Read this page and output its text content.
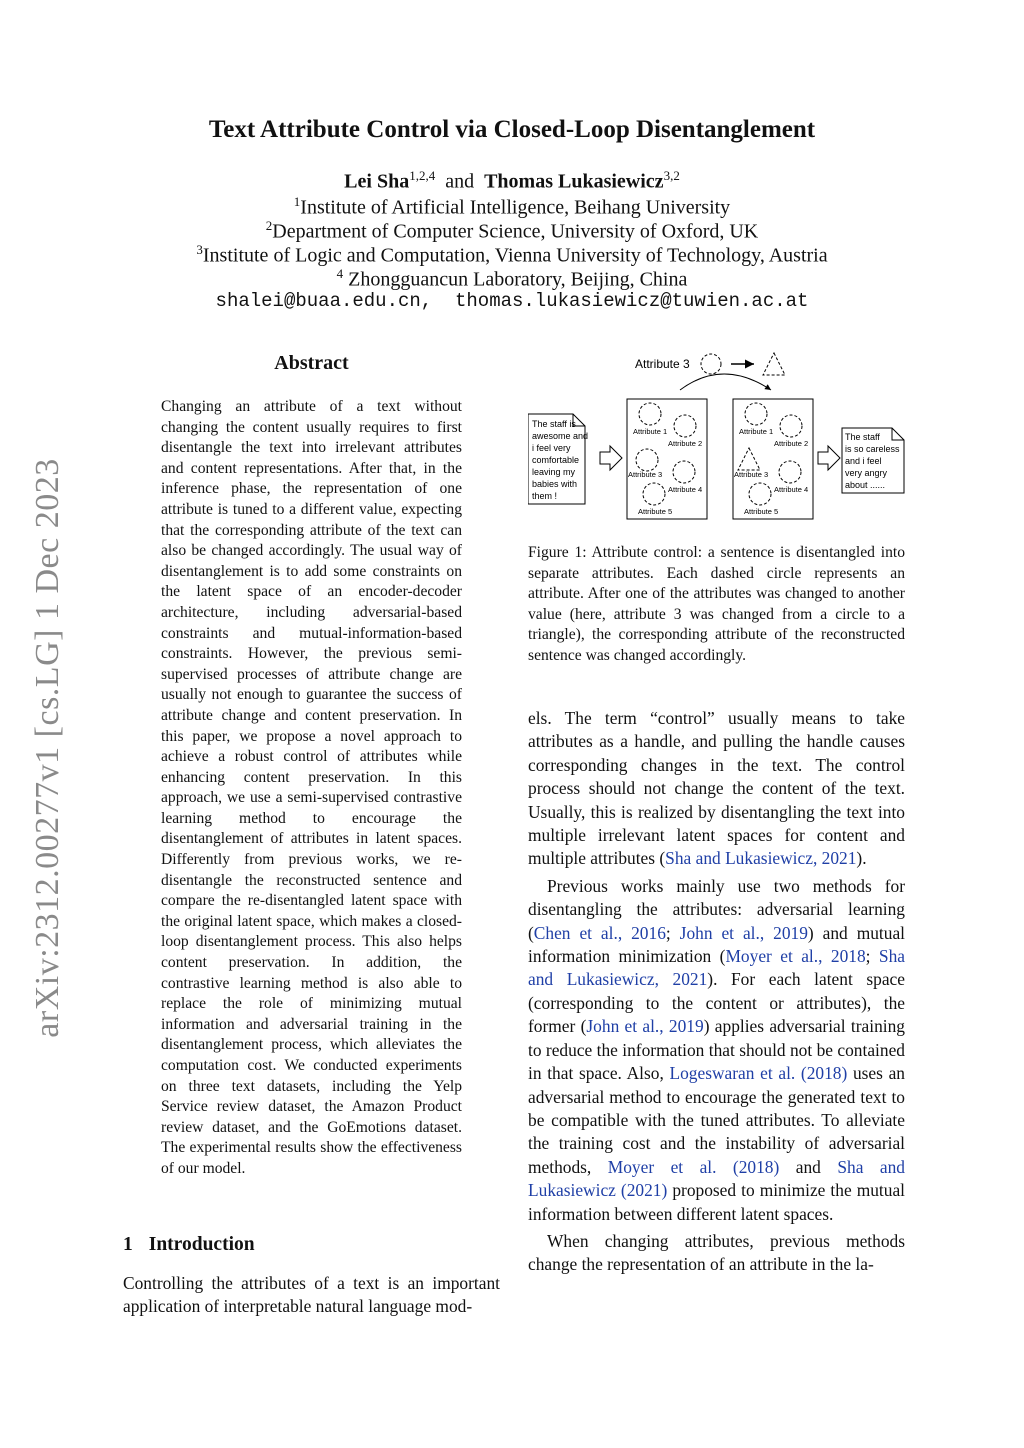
arXiv:2312.00277v1 [cs.LG] 1 Dec 2023
Text Attribute Control via Closed-Loop Disentanglement
Lei Sha$^{1,2,4}$ and Thomas Lukasiewicz$^{3,2}$
$^1$Institute of Artificial Intelligence, Beihang University
$^2$Department of Computer Science, University of Oxford, UK
$^3$Institute of Logic and Computation, Vienna University of Technology, Austria
$^4$ Zhongguancun Laboratory, Beijing, China
shalei@buaa.edu.cn,  thomas.lukasiewicz@tuwien.ac.at
Abstract
Changing an attribute of a text without changing the content usually requires to first disentangle the text into irrelevant attributes and content representations. After that, in the inference phase, the representation of one attribute is tuned to a different value, expecting that the corresponding attribute of the text can also be changed accordingly. The usual way of disentanglement is to add some constraints on the latent space of an encoder-decoder architecture, including adversarial-based constraints and mutual-information-based constraints. However, the previous semi-supervised processes of attribute change are usually not enough to guarantee the success of attribute change and content preservation. In this paper, we propose a novel approach to achieve a robust control of attributes while enhancing content preservation. In this approach, we use a semi-supervised contrastive learning method to encourage the disentanglement of attributes in latent spaces. Differently from previous works, we re-disentangle the reconstructed sentence and compare the re-disentangled latent space with the original latent space, which makes a closed-loop disentanglement process. This also helps content preservation. In addition, the contrastive learning method is also able to replace the role of minimizing mutual information and adversarial training in the disentanglement process, which alleviates the computation cost. We conducted experiments on three text datasets, including the Yelp Service review dataset, the Amazon Product review dataset, and the GoEmotions dataset. The experimental results show the effectiveness of our model.
1 Introduction
Controlling the attributes of a text is an important application of interpretable natural language mod-
Attribute 3
The staff is awesome and i feel very comfortable leaving my babies with them !
Attribute 1
Attribute 2
Attribute 3
Attribute 4
Attribute 5
Attribute 1
Attribute 2
Attribute 3
Attribute 4
Attribute 5
The staff is so careless and i feel very angry about ......
Figure 1: Attribute control: a sentence is disentangled into separate attributes. Each dashed circle represents an attribute. After one of the attributes was changed to another value (here, attribute 3 was changed from a circle to a triangle), the corresponding attribute of the reconstructed sentence was changed accordingly.

els. The term “control” usually means to take attributes as a handle, and pulling the handle causes corresponding changes in the text. The control process should not change the content of the text. Usually, this is realized by disentangling the text into multiple irrelevant latent spaces for content and multiple attributes (Sha and Lukasiewicz, 2021).

Previous works mainly use two methods for disentangling the attributes: adversarial learning (Chen et al., 2016; John et al., 2019) and mutual information minimization (Moyer et al., 2018; Sha and Lukasiewicz, 2021). For each latent space (corresponding to the content or attributes), the former (John et al., 2019) applies adversarial training to reduce the information that should not be contained in that space. Also, Logeswaran et al. (2018) uses an adversarial method to encourage the generated text to be compatible with the tuned attributes. To alleviate the training cost and the instability of adversarial methods, Moyer et al. (2018) and Sha and Lukasiewicz (2021) proposed to minimize the mutual information between different latent spaces.

When changing attributes, previous methods change the representation of an attribute in the la-
